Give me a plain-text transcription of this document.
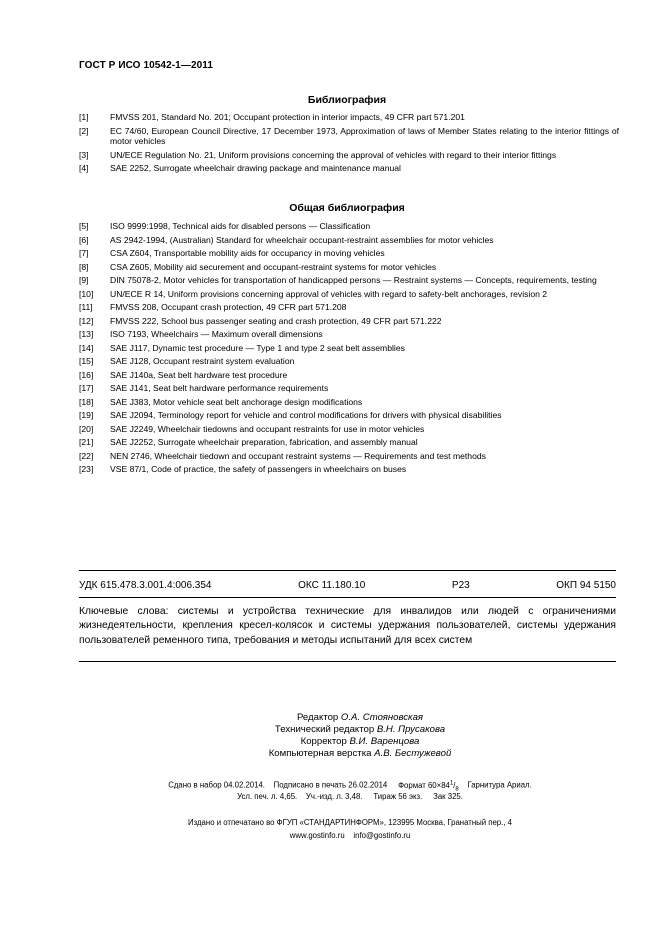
ГОСТ Р ИСО 10542-1—2011
Библиография
[1]	FMVSS 201, Standard No. 201; Occupant protection in interior impacts, 49 CFR part 571.201
[2]	EC 74/60, European Council Directive, 17 December 1973, Approximation of laws of Member States relating to the interior fittings of motor vehicles
[3]	UN/ECE Regulation No. 21, Uniform provisions concerning the approval of vehicles with regard to their interior fittings
[4]	SAE 2252, Surrogate wheelchair drawing package and maintenance manual
Общая библиография
[5]	ISO 9999:1998, Technical aids for disabled persons — Classification
[6]	AS 2942-1994, (Australian) Standard for wheelchair occupant-restraint assemblies for motor vehicles
[7]	CSA Z604, Transportable mobility aids for occupancy in moving vehicles
[8]	CSA Z605, Mobility aid securement and occupant-restraint systems for motor vehicles
[9]	DIN 75078-2, Motor vehicles for transportation of handicapped persons — Restraint systems — Concepts, requirements, testing
[10]	UN/ECE R 14, Uniform provisions concerning approval of vehicles with regard to safety-belt anchorages, revision 2
[11]	FMVSS 208, Occupant crash protection, 49 CFR part 571.208
[12]	FMVSS 222, School bus passenger seating and crash protection, 49 CFR part 571.222
[13]	ISO 7193, Wheelchairs — Maximum overall dimensions
[14]	SAE J117, Dynamic test procedure — Type 1 and type 2 seat belt assemblies
[15]	SAE J128, Occupant restraint system evaluation
[16]	SAE J140a, Seat belt hardware test procedure
[17]	SAE J141, Seat belt hardware performance requirements
[18]	SAE J383, Motor vehicle seat belt anchorage design modifications
[19]	SAE J2094, Terminology report for vehicle and control modifications for drivers with physical disabilities
[20]	SAE J2249, Wheelchair tiedowns and occupant restraints for use in motor vehicles
[21]	SAE J2252, Surrogate wheelchair preparation, fabrication, and assembly manual
[22]	NEN 2746, Wheelchair tiedown and occupant restraint systems — Requirements and test methods
[23]	VSE 87/1, Code of practice, the safety of passengers in wheelchairs on buses
УДК 615.478.3.001.4:006.354	ОКС 11.180.10	Р23	ОКП 94 5150
Ключевые слова: системы и устройства технические для инвалидов или людей с ограничениями жизнедеятельности, крепления кресел-колясок и системы удержания пользователей, системы удержания пользователей ременного типа, требования и методы испытаний для всех систем
Редактор О.А. Стояновская
Технический редактор В.Н. Прусакова
Корректор В.И. Варенцова
Компьютерная верстка А.В. Бестужевой
Сдано в набор 04.02.2014. Подписано в печать 26.02.2014 Формат $60\times 84^1/_8$ Гарнитура Ариал.
Усл. печ. л. 4,65. Уч.-изд. л. 3,48. Тираж 56 экз. Зак 325.
Издано и отпечатано во ФГУП «СТАНДАРТИНФОРМ», 123995 Москва, Гранатный пер., 4
www.gostinfo.ru info@gostinfo.ru
